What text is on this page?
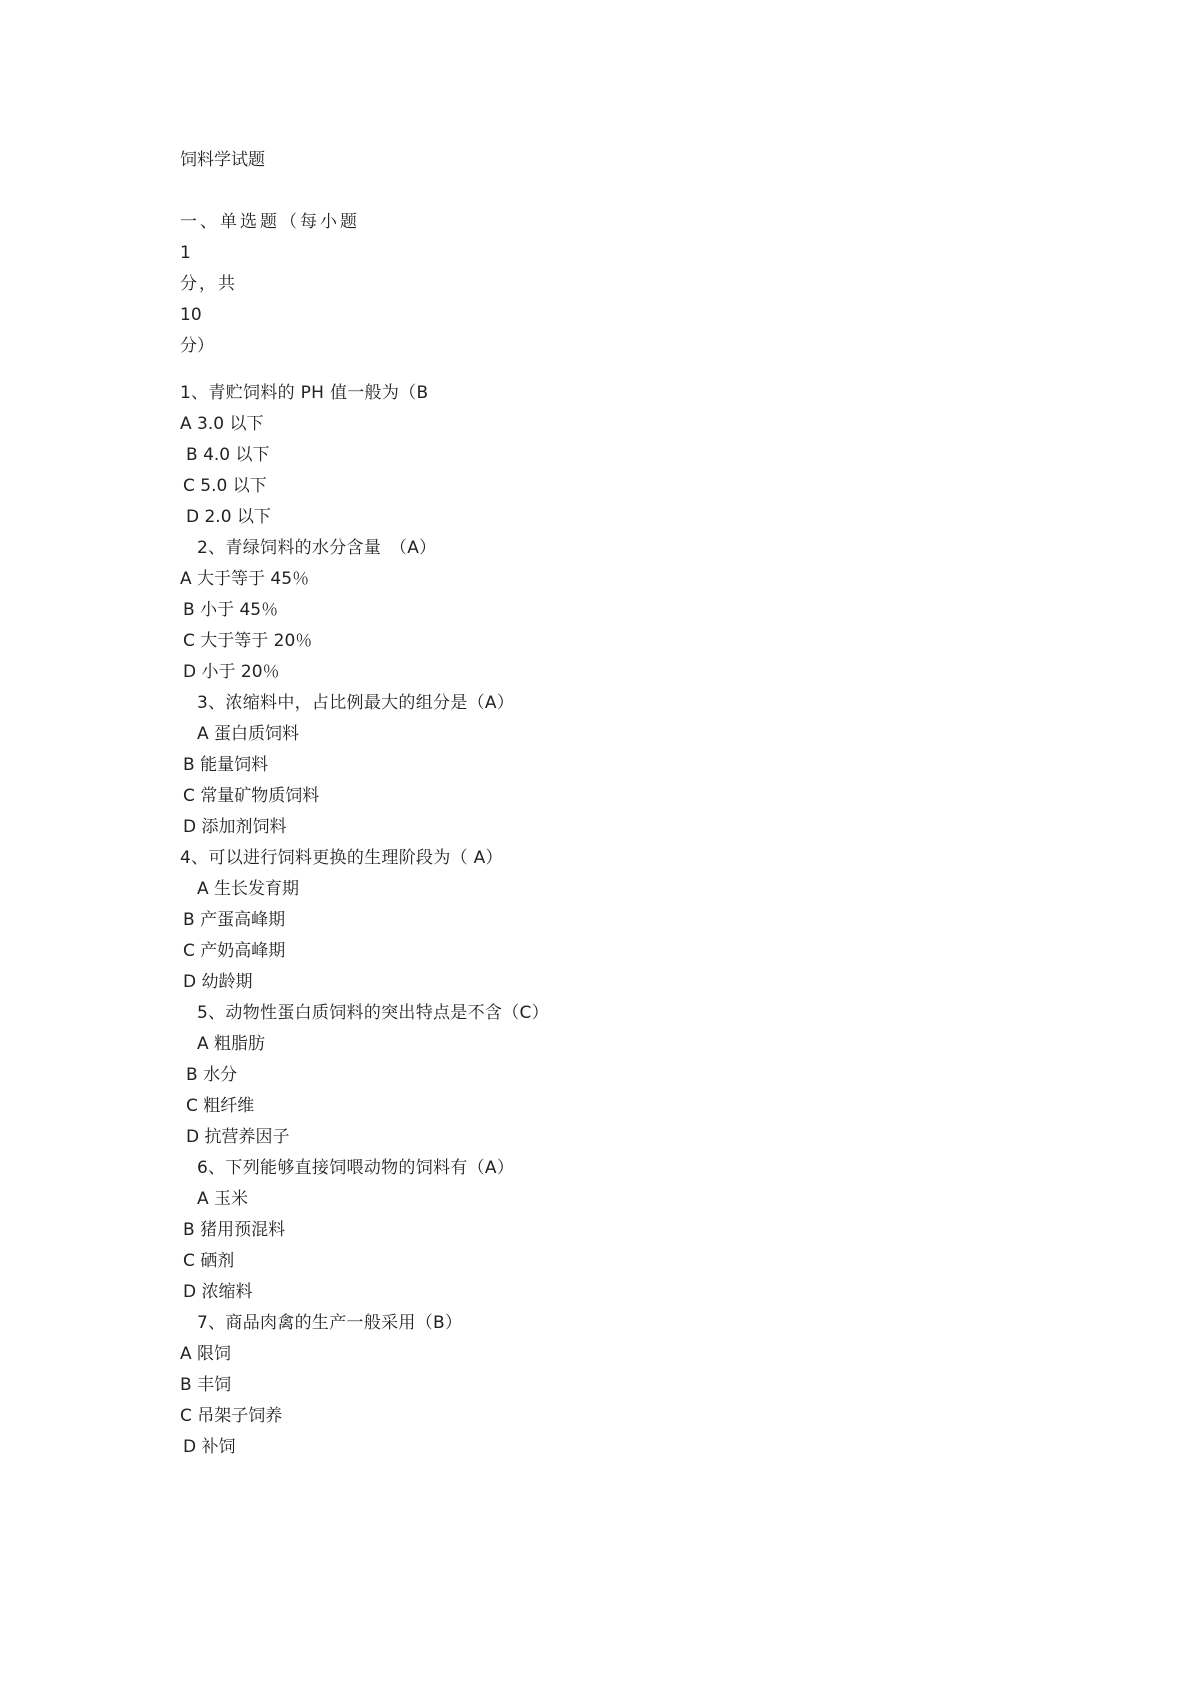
饲料学试题
一、单选题（每小题
1
分，共
10
分）
1、青贮饲料的 PH 值一般为（B
A 3.0 以下
B 4.0 以下
C 5.0 以下
D 2.0 以下
2、青绿饲料的水分含量　（A）
A 大于等于 45％
B 小于 45％
C 大于等于 20％
D 小于 20％
3、浓缩料中，占比例最大的组分是（A）
A 蛋白质饲料
B 能量饲料
C 常量矿物质饲料
D 添加剂饲料
4、可以进行饲料更换的生理阶段为（ A）
A 生长发育期
B 产蛋高峰期
C 产奶高峰期
D 幼龄期
5、动物性蛋白质饲料的突出特点是不含（C）
A 粗脂肪
B 水分
C 粗纤维
D 抗营养因子
6、下列能够直接饲喂动物的饲料有（A）
A 玉米
B 猪用预混料
C 硒剂
D 浓缩料
7、商品肉禽的生产一般采用（B）
A 限饲
B 丰饲
C 吊架子饲养
D 补饲
